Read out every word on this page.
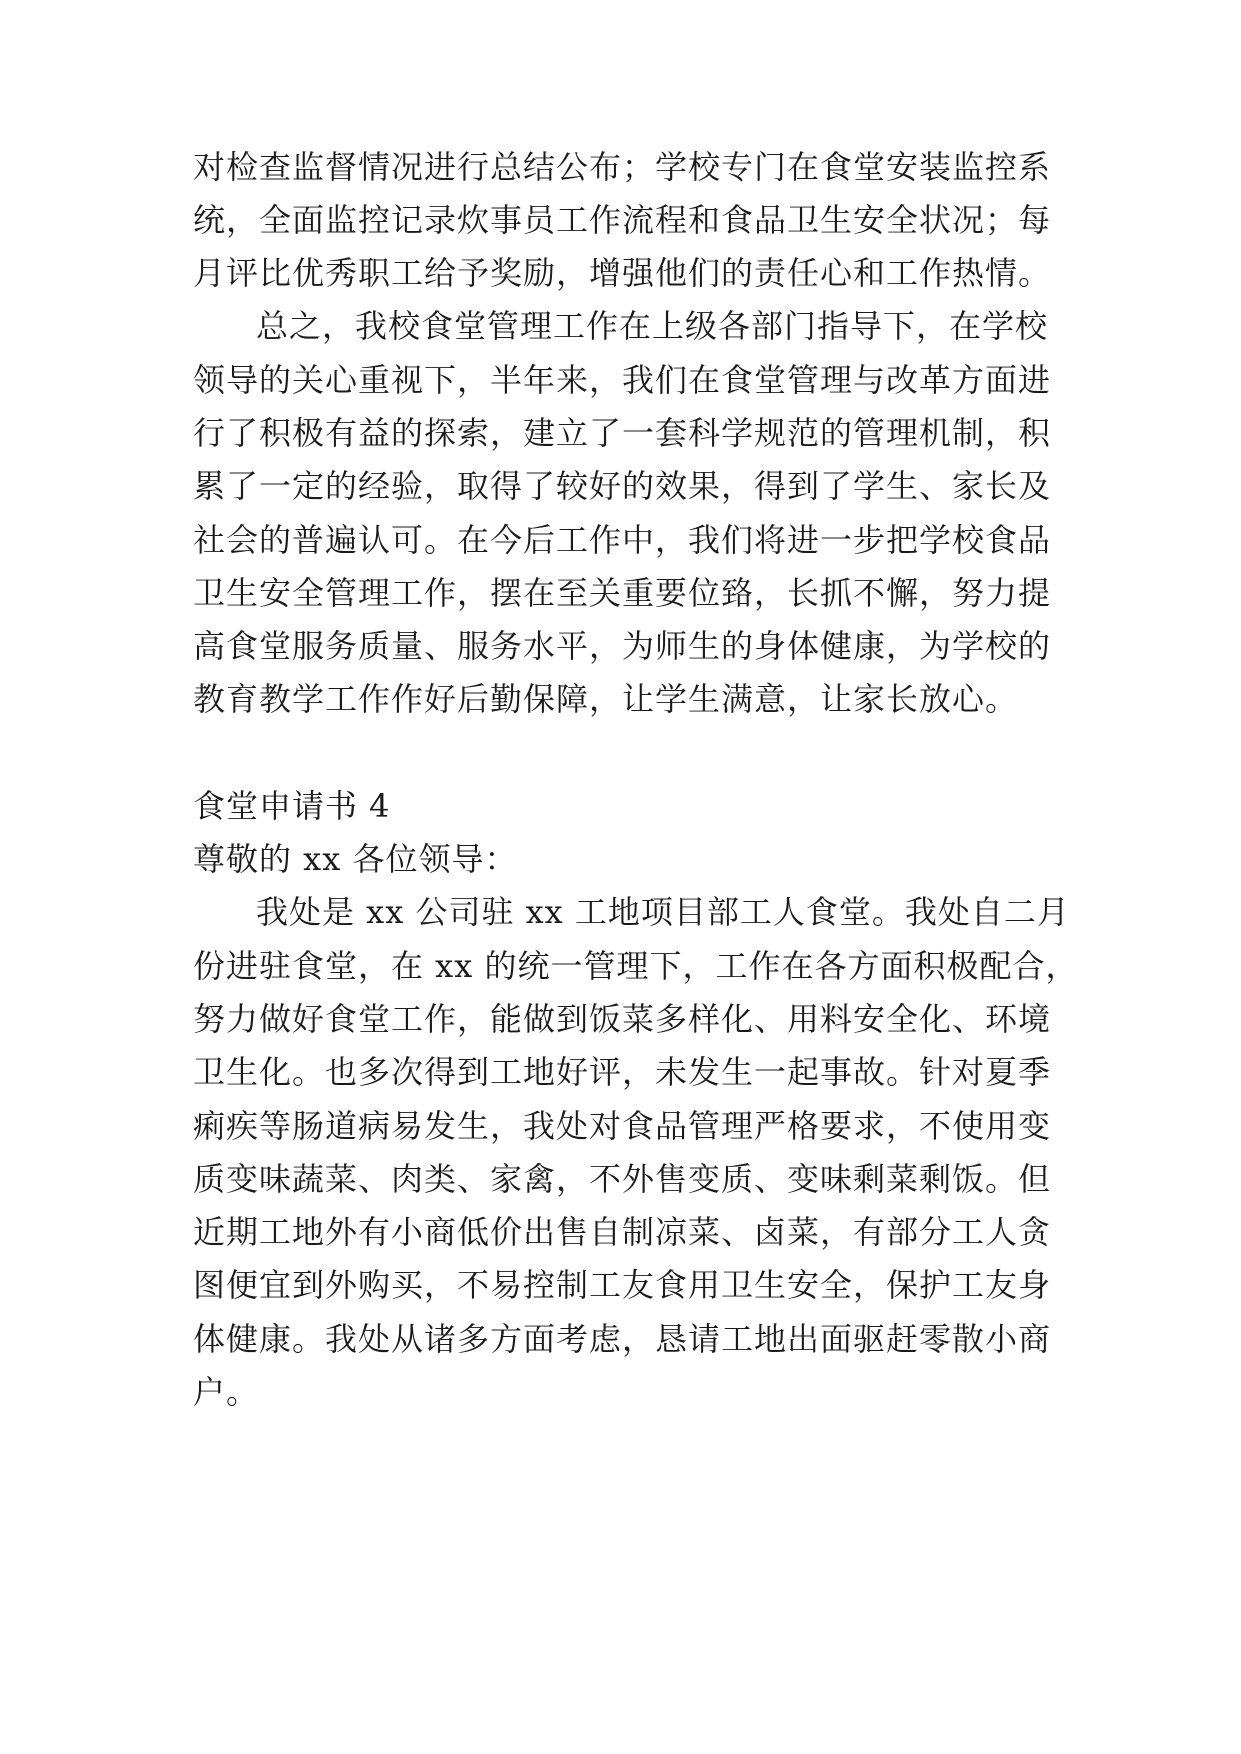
对检查监督情况进行总结公布；学校专门在食堂安装监控系
统，全面监控记录炊事员工作流程和食品卫生安全状况；每
月评比优秀职工给予奖励，增强他们的责任心和工作热情。
总之，我校食堂管理工作在上级各部门指导下，在学校
领导的关心重视下，半年来，我们在食堂管理与改革方面进
行了积极有益的探索，建立了一套科学规范的管理机制，积
累了一定的经验，取得了较好的效果，得到了学生、家长及
社会的普遍认可。在今后工作中，我们将进一步把学校食品
卫生安全管理工作，摆在至关重要位臵，长抓不懈，努力提
高食堂服务质量、服务水平，为师生的身体健康，为学校的
教育教学工作作好后勤保障，让学生满意，让家长放心。
食堂申请书 4
尊敬的 xx 各位领导：
我处是 xx 公司驻 xx 工地项目部工人食堂。我处自二月
份进驻食堂，在 xx 的统一管理下，工作在各方面积极配合，
努力做好食堂工作，能做到饭菜多样化、用料安全化、环境
卫生化。也多次得到工地好评，未发生一起事故。针对夏季
痢疾等肠道病易发生，我处对食品管理严格要求，不使用变
质变味蔬菜、肉类、家禽，不外售变质、变味剩菜剩饭。但
近期工地外有小商低价出售自制凉菜、卤菜，有部分工人贪
图便宜到外购买，不易控制工友食用卫生安全，保护工友身
体健康。我处从诸多方面考虑，恳请工地出面驱赶零散小商
户。
